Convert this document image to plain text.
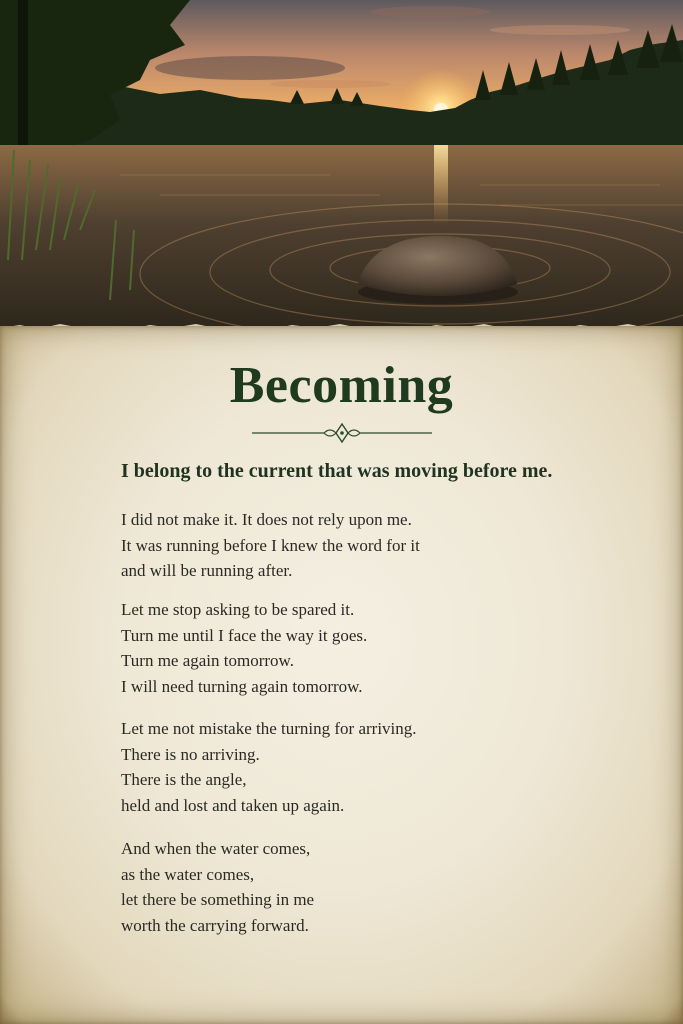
Becoming
I belong to the current that was moving before me.
I did not make it. It does not rely upon me.
It was running before I knew the word for it
and will be running after.
Let me stop asking to be spared it.
Turn me until I face the way it goes.
Turn me again tomorrow.
I will need turning again tomorrow.
Let me not mistake the turning for arriving.
There is no arriving.
There is the angle,
held and lost and taken up again.
And when the water comes,
as the water comes,
let there be something in me
worth the carrying forward.
